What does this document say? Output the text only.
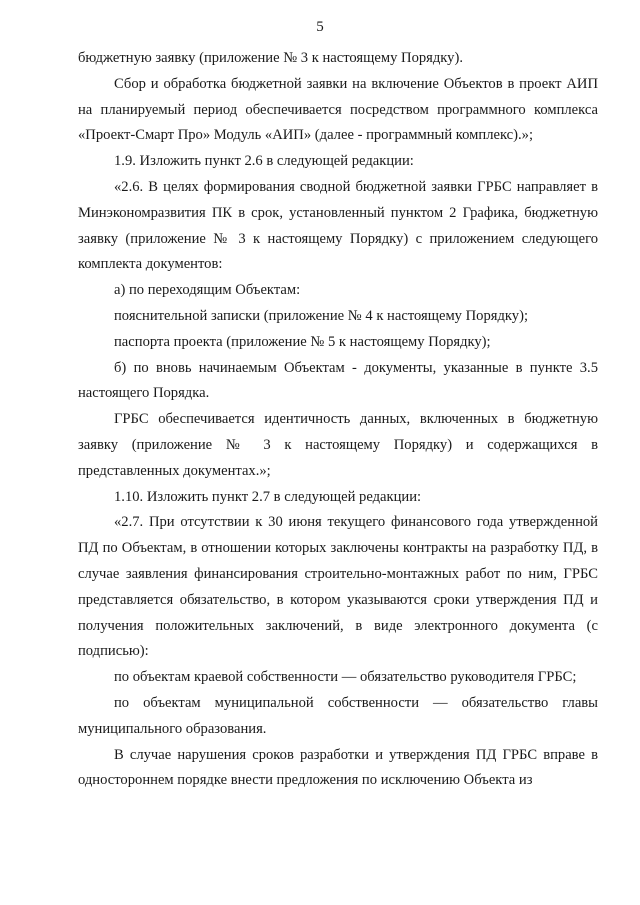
5

бюджетную заявку (приложение № 3 к настоящему Порядку).

Сбор и обработка бюджетной заявки на включение Объектов в проект АИП на планируемый период обеспечивается посредством программного комплекса «Проект-Смарт Про» Модуль «АИП» (далее - программный комплекс).»;

1.9. Изложить пункт 2.6 в следующей редакции:

«2.6. В целях формирования сводной бюджетной заявки ГРБС направляет в Минэкономразвития ПК в срок, установленный пунктом 2 Графика, бюджетную заявку (приложение № 3 к настоящему Порядку) с приложением следующего комплекта документов:

а) по переходящим Объектам:

пояснительной записки (приложение № 4 к настоящему Порядку);

паспорта проекта (приложение № 5 к настоящему Порядку);

б) по вновь начинаемым Объектам - документы, указанные в пункте 3.5 настоящего Порядка.

ГРБС обеспечивается идентичность данных, включенных в бюджетную заявку (приложение № 3 к настоящему Порядку) и содержащихся в представленных документах.»;

1.10. Изложить пункт 2.7 в следующей редакции:

«2.7. При отсутствии к 30 июня текущего финансового года утвержденной ПД по Объектам, в отношении которых заключены контракты на разработку ПД, в случае заявления финансирования строительно-монтажных работ по ним, ГРБС представляется обязательство, в котором указываются сроки утверждения ПД и получения положительных заключений, в виде электронного документа (с подписью):

по объектам краевой собственности — обязательство руководителя ГРБС;

по объектам муниципальной собственности — обязательство главы муниципального образования.

В случае нарушения сроков разработки и утверждения ПД ГРБС вправе в одностороннем порядке внести предложения по исключению Объекта из
